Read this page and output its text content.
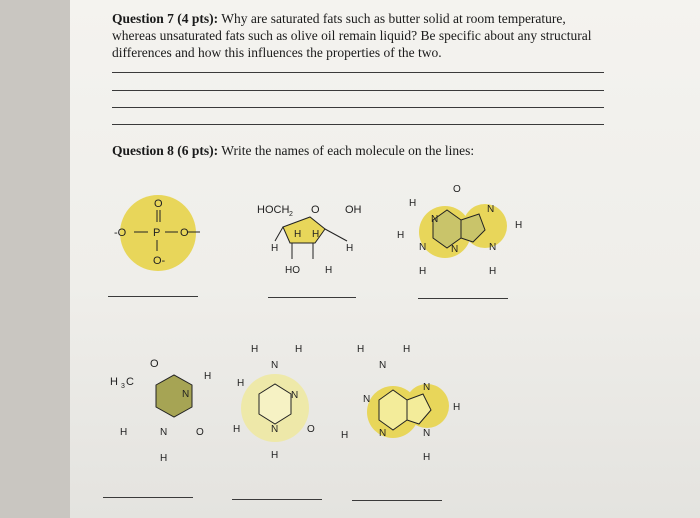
Question 7 (4 pts): Why are saturated fats such as butter solid at room temperature, whereas unsaturated fats such as olive oil remain liquid? Be specific about any structural differences and how this influences the properties of the two.
Question 8 (6 pts): Write the names of each molecule on the lines:
O
-O P O
O-
HOCH 2 O OH
H H
H	H
HO	H
O
H
N
N
H
H
N N	N
H	H
O
H C
3
H
N
H	N	O
H
H	H
N
H
N
H	N	O
H
H	H
N
N
N
H
H	N	N
H
